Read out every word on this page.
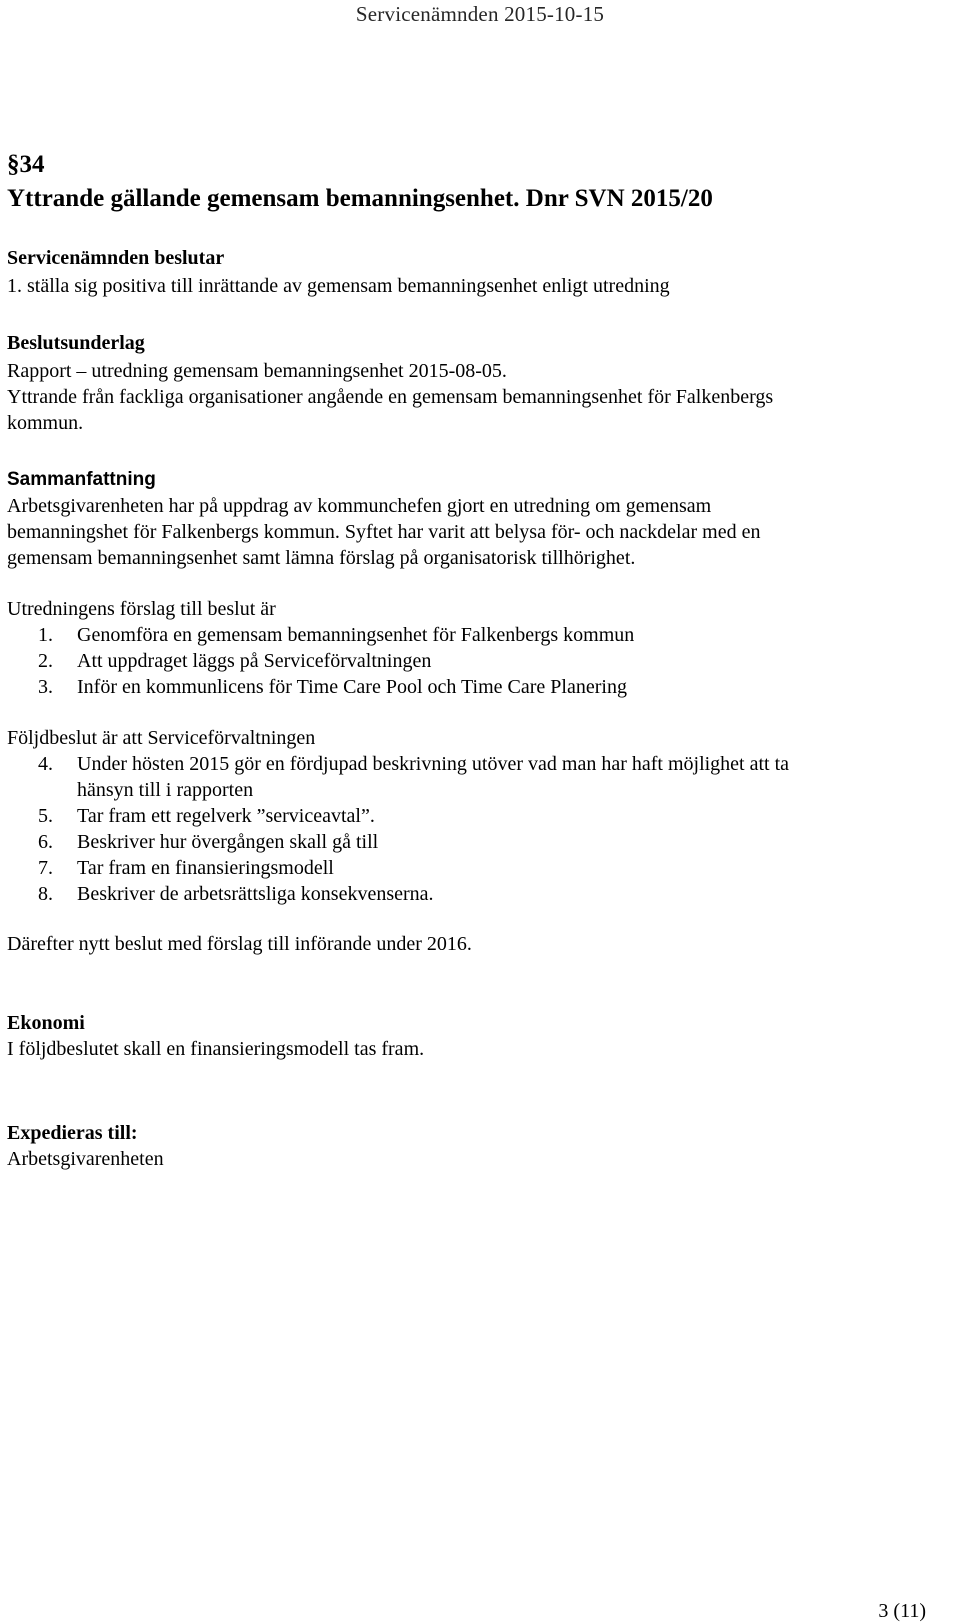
Servicenämnden 2015-10-15
§34
Yttrande gällande gemensam bemanningsenhet. Dnr SVN 2015/20
Servicenämnden beslutar
1. ställa sig positiva till inrättande av gemensam bemanningsenhet enligt utredning
Beslutsunderlag
Rapport – utredning gemensam bemanningsenhet 2015-08-05.
Yttrande från fackliga organisationer angående en gemensam bemanningsenhet för Falkenbergs
kommun.
Sammanfattning
Arbetsgivarenheten har på uppdrag av kommunchefen gjort en utredning om gemensam
bemanningshet för Falkenbergs kommun. Syftet har varit att belysa för- och nackdelar med en
gemensam bemanningsenhet samt lämna förslag på organisatorisk tillhörighet.
Utredningens förslag till beslut är
1. Genomföra en gemensam bemanningsenhet för Falkenbergs kommun
2. Att uppdraget läggs på Serviceförvaltningen
3. Inför en kommunlicens för Time Care Pool och Time Care Planering
Följdbeslut är att Serviceförvaltningen
4. Under hösten 2015 gör en fördjupad beskrivning utöver vad man har haft möjlighet att ta
hänsyn till i rapporten
5. Tar fram ett regelverk ”serviceavtal”.
6. Beskriver hur övergången skall gå till
7. Tar fram en finansieringsmodell
8. Beskriver de arbetsrättsliga konsekvenserna.
Därefter nytt beslut med förslag till införande under 2016.
Ekonomi
I följdbeslutet skall en finansieringsmodell tas fram.
Expedieras till:
Arbetsgivarenheten
3 (11)
